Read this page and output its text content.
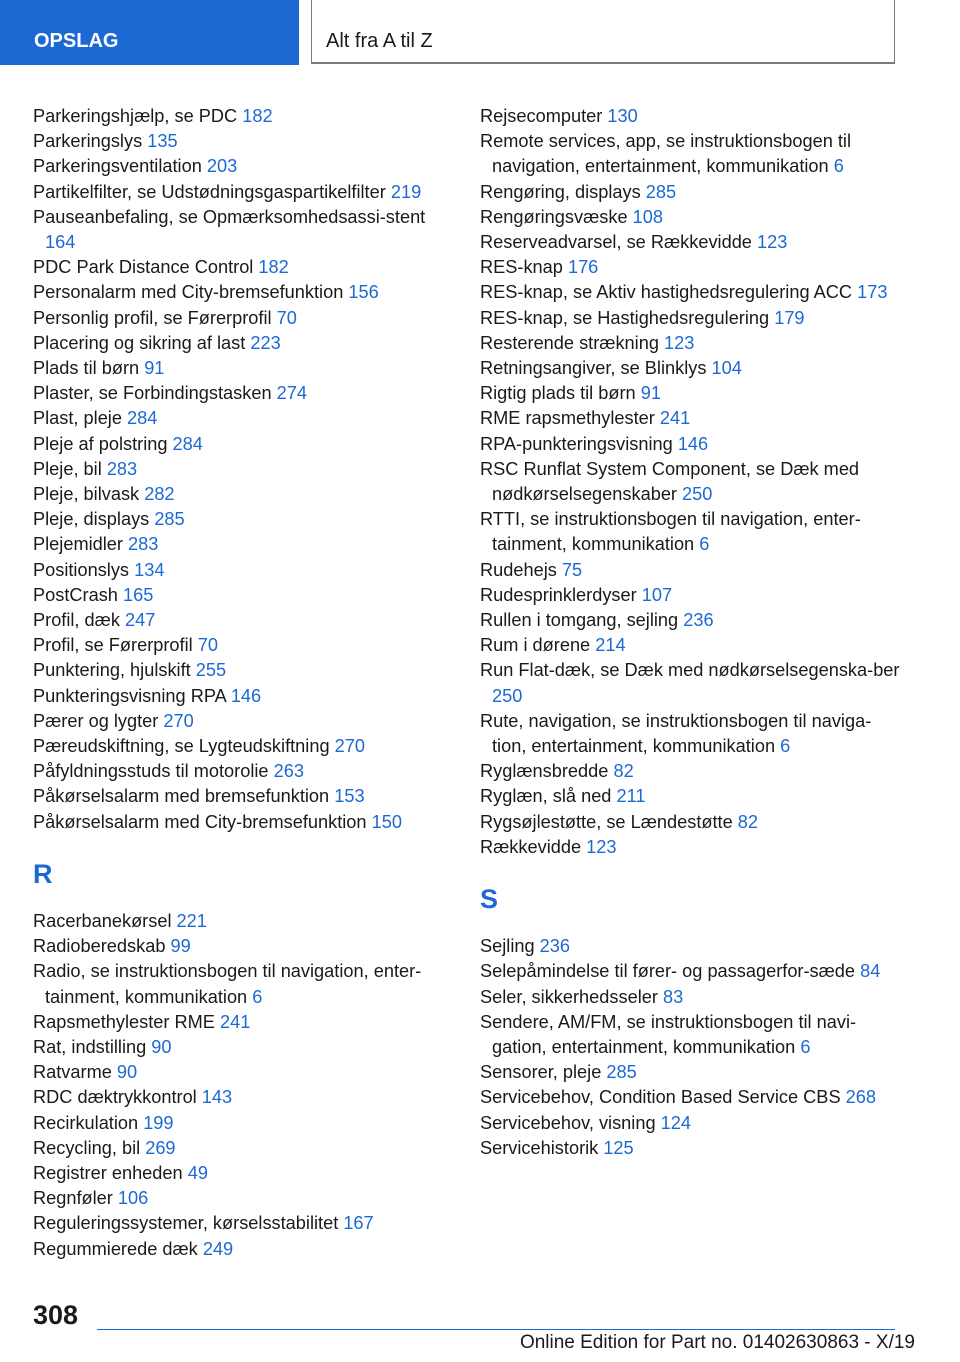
OPSLAG	Alt fra A til Z

Parkeringshjælp, se PDC 182

Parkeringslys 135

Parkeringsventilation 203

Partikelfilter, se Udstødningsgaspartikelfilter 219

Pauseanbefaling, se Opmærksomhedsassi‐stent 164

PDC Park Distance Control 182

Personalarm med City-bremsefunktion 156

Personlig profil, se Førerprofil 70

Placering og sikring af last 223

Plads til børn 91

Plaster, se Forbindingstasken 274

Plast, pleje 284

Pleje af polstring 284

Pleje, bil 283

Pleje, bilvask 282

Pleje, displays 285

Plejemidler 283

Positionslys 134

PostCrash 165

Profil, dæk 247

Profil, se Førerprofil 70

Punktering, hjulskift 255

Punkteringsvisning RPA 146

Pærer og lygter 270

Pæreudskiftning, se Lygteudskiftning 270

Påfyldningsstuds til motorolie 263

Påkørselsalarm med bremsefunktion 153

Påkørselsalarm med City-bremsefunktion 150

R

Racerbanekørsel 221

Radioberedskab 99

Radio, se instruktionsbogen til navigation, enter‐tainment, kommunikation 6

Rapsmethylester RME 241

Rat, indstilling 90

Ratvarme 90

RDC dæktrykkontrol 143

Recirkulation 199

Recycling, bil 269

Registrer enheden 49

Regnføler 106

Reguleringssystemer, kørselsstabilitet 167

Regummierede dæk 249

Rejsecomputer 130

Remote services, app, se instruktionsbogen til navigation, entertainment, kommunikation 6

Rengøring, displays 285

Rengøringsvæske 108

Reserveadvarsel, se Rækkevidde 123

RES-knap 176

RES-knap, se Aktiv hastighedsregulering ACC 173

RES-knap, se Hastighedsregulering 179

Resterende strækning 123

Retningsangiver, se Blinklys 104

Rigtig plads til børn 91

RME rapsmethylester 241

RPA-punkteringsvisning 146

RSC Runflat System Component, se Dæk med nødkørselsegenskaber 250

RTTI, se instruktionsbogen til navigation, enter‐tainment, kommunikation 6

Rudehejs 75

Rudesprinklerdyser 107

Rullen i tomgang, sejling 236

Rum i dørene 214

Run Flat-dæk, se Dæk med nødkørselsegenska‐ber 250

Rute, navigation, se instruktionsbogen til naviga‐tion, entertainment, kommunikation 6

Ryglænsbredde 82

Ryglæn, slå ned 211

Rygsøjlestøtte, se Lændestøtte 82

Rækkevidde 123

S

Sejling 236

Selepåmindelse til fører- og passagerfor‐sæde 84

Seler, sikkerhedsseler 83

Sendere, AM/FM, se instruktionsbogen til navi‐gation, entertainment, kommunikation 6

Sensorer, pleje 285

Servicebehov, Condition Based Service CBS 268

Servicebehov, visning 124

Servicehistorik 125

308
Online Edition for Part no. 01402630863 - X/19
